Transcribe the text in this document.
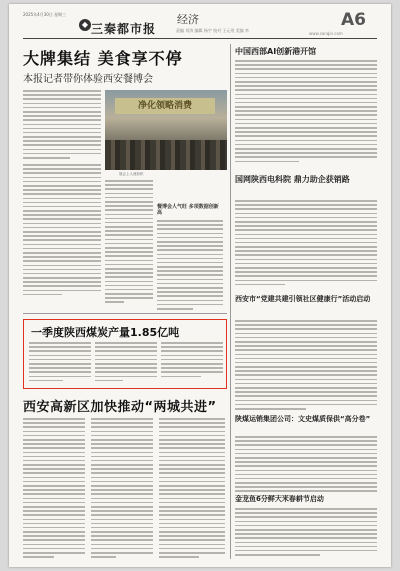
2025年4月30日 星期三
◆ 三秦都市报
经济
责编 刘涛 编辑 杨宇 校对 王元用 美编 李
A6
www.sanqin.com
大牌集结 美食享不停
本报记者带你体验西安餐博会
净化领略消费
展会上人流如织
餐博会人气旺 多项数据创新高
中国西部AI创新港开馆
国网陕西电科院 鼎力助企获销路
西安市“党建共建引领社区健康行”活动启动
陕煤运销集团公司：文史煤质保供“高分卷”
金龙鱼6分鲜大米春耕节启动
一季度陕西煤炭产量1.85亿吨
西安高新区加快推动“两城共进”
